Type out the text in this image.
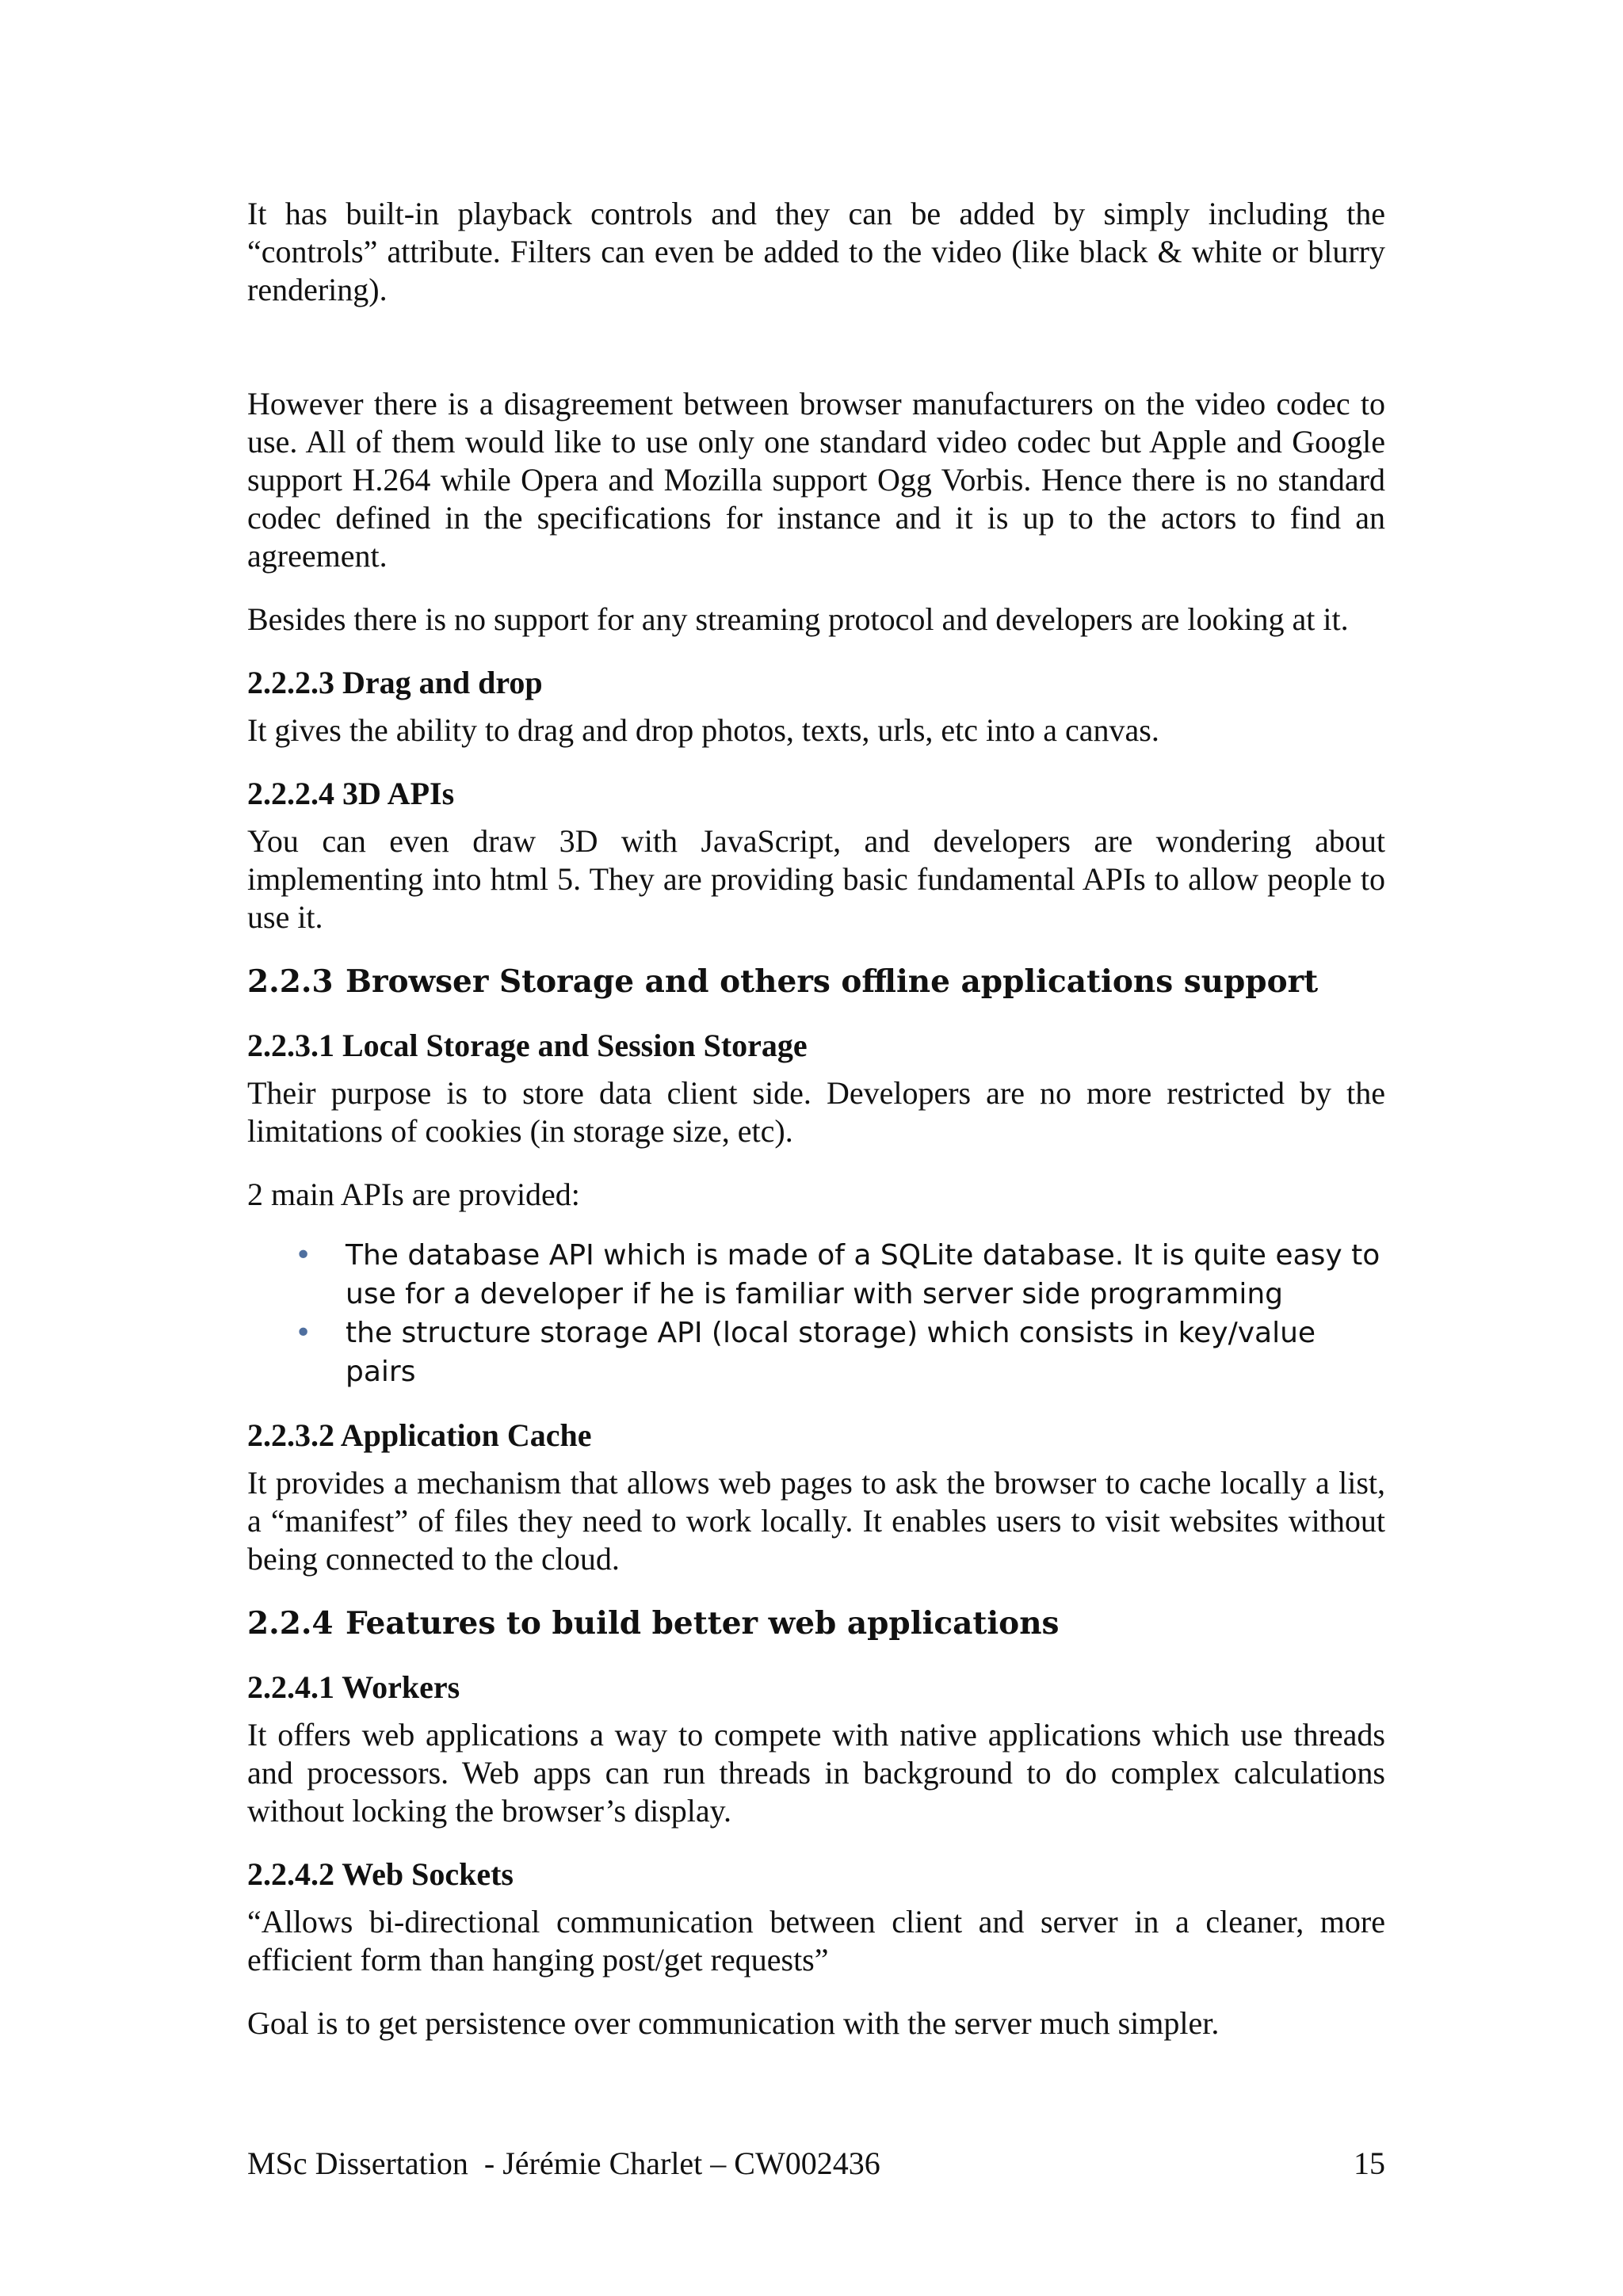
It has built-in playback controls and they can be added by simply including the “controls” attribute. Filters can even be added to the video (like black & white or blurry rendering).

However there is a disagreement between browser manufacturers on the video codec to use. All of them would like to use only one standard video codec but Apple and Google support H.264 while Opera and Mozilla support Ogg Vorbis. Hence there is no standard codec defined in the specifications for instance and it is up to the actors to find an agreement.

Besides there is no support for any streaming protocol and developers are looking at it.

2.2.2.3 Drag and drop

It gives the ability to drag and drop photos, texts, urls, etc into a canvas.

2.2.2.4 3D APIs

You can even draw 3D with JavaScript, and developers are wondering about implementing into html 5. They are providing basic fundamental APIs to allow people to use it.

2.2.3 Browser Storage and others offline applications support
2.2.3.1 Local Storage and Session Storage

Their purpose is to store data client side. Developers are no more restricted by the limitations of cookies (in storage size, etc).

2 main APIs are provided:

• The database API which is made of a SQLite database. It is quite easy to use for a developer if he is familiar with server side programming
• the structure storage API (local storage) which consists in key/value pairs
2.2.3.2 Application Cache

It provides a mechanism that allows web pages to ask the browser to cache locally a list, a “manifest” of files they need to work locally. It enables users to visit websites without being connected to the cloud.

2.2.4 Features to build better web applications
2.2.4.1 Workers

It offers web applications a way to compete with native applications which use threads and processors. Web apps can run threads in background to do complex calculations without locking the browser’s display.

2.2.4.2 Web Sockets

“Allows bi-directional communication between client and server in a cleaner, more efficient form than hanging post/get requests”

Goal is to get persistence over communication with the server much simpler.

MSc Dissertation  - Jérémie Charlet – CW002436	15
